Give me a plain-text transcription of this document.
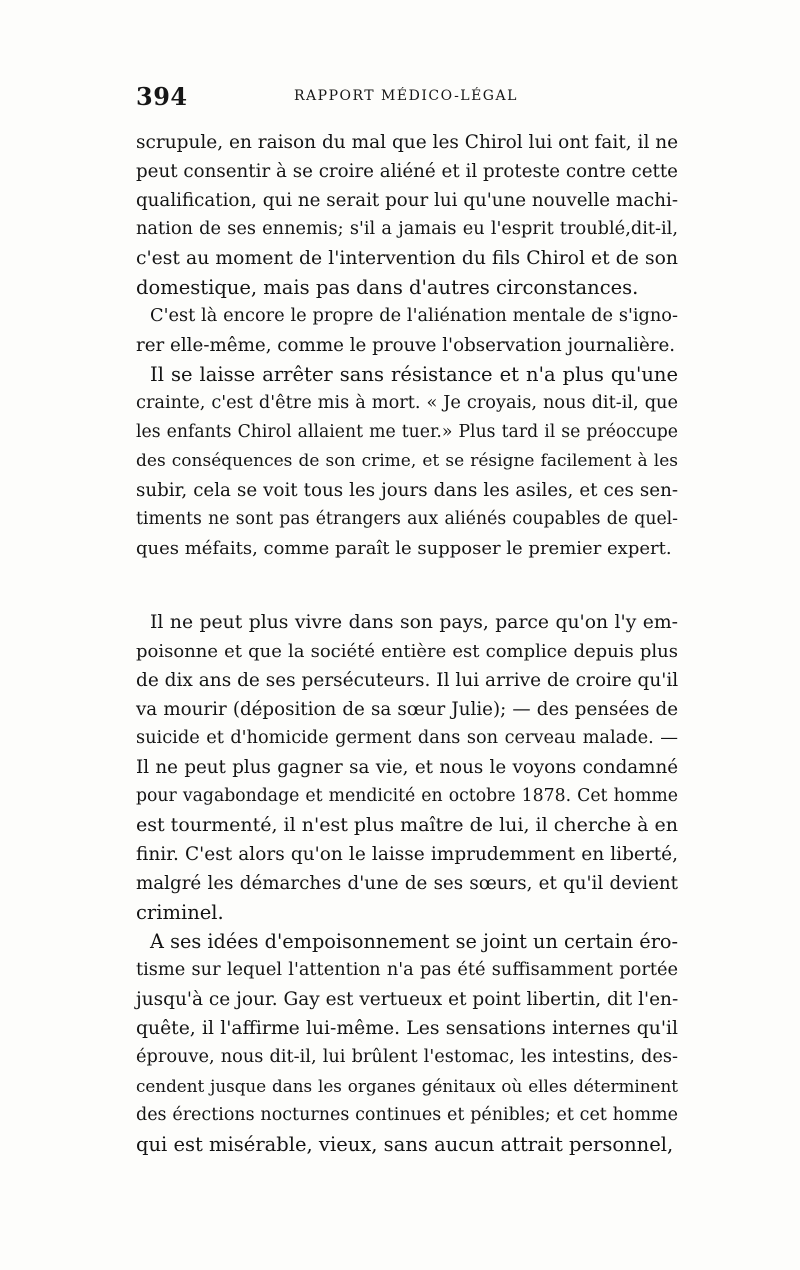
394	RAPPORT MÉDICO-LÉGAL
scrupule, en raison du mal que les Chirol lui ont fait, il ne
peut consentir à se croire aliéné et il proteste contre cette
qualification, qui ne serait pour lui qu'une nouvelle machi-
nation de ses ennemis; s'il a jamais eu l'esprit troublé,dit-il,
c'est au moment de l'intervention du fils Chirol et de son
domestique, mais pas dans d'autres circonstances.
C'est là encore le propre de l'aliénation mentale de s'igno-
rer elle-même, comme le prouve l'observation journalière.
Il se laisse arrêter sans résistance et n'a plus qu'une
crainte, c'est d'être mis à mort. « Je croyais, nous dit-il, que
les enfants Chirol allaient me tuer.» Plus tard il se préoccupe
des conséquences de son crime, et se résigne facilement à les
subir, cela se voit tous les jours dans les asiles, et ces sen-
timents ne sont pas étrangers aux aliénés coupables de quel-
ques méfaits, comme paraît le supposer le premier expert.
Il ne peut plus vivre dans son pays, parce qu'on l'y em-
poisonne et que la société entière est complice depuis plus
de dix ans de ses persécuteurs. Il lui arrive de croire qu'il
va mourir (déposition de sa sœur Julie); — des pensées de
suicide et d'homicide germent dans son cerveau malade. —
Il ne peut plus gagner sa vie, et nous le voyons condamné
pour vagabondage et mendicité en octobre 1878. Cet homme
est tourmenté, il n'est plus maître de lui, il cherche à en
finir. C'est alors qu'on le laisse imprudemment en liberté,
malgré les démarches d'une de ses sœurs, et qu'il devient
criminel.
A ses idées d'empoisonnement se joint un certain éro-
tisme sur lequel l'attention n'a pas été suffisamment portée
jusqu'à ce jour. Gay est vertueux et point libertin, dit l'en-
quête, il l'affirme lui-même. Les sensations internes qu'il
éprouve, nous dit-il, lui brûlent l'estomac, les intestins, des-
cendent jusque dans les organes génitaux où elles déterminent
des érections nocturnes continues et pénibles; et cet homme
qui est misérable, vieux, sans aucun attrait personnel,
